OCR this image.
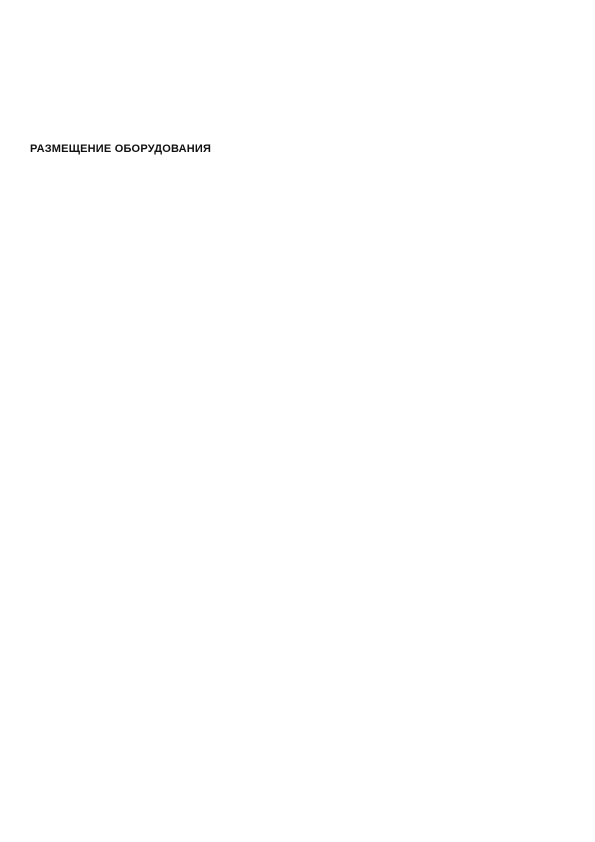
РАЗМЕЩЕНИЕ ОБОРУДОВАНИЯ
